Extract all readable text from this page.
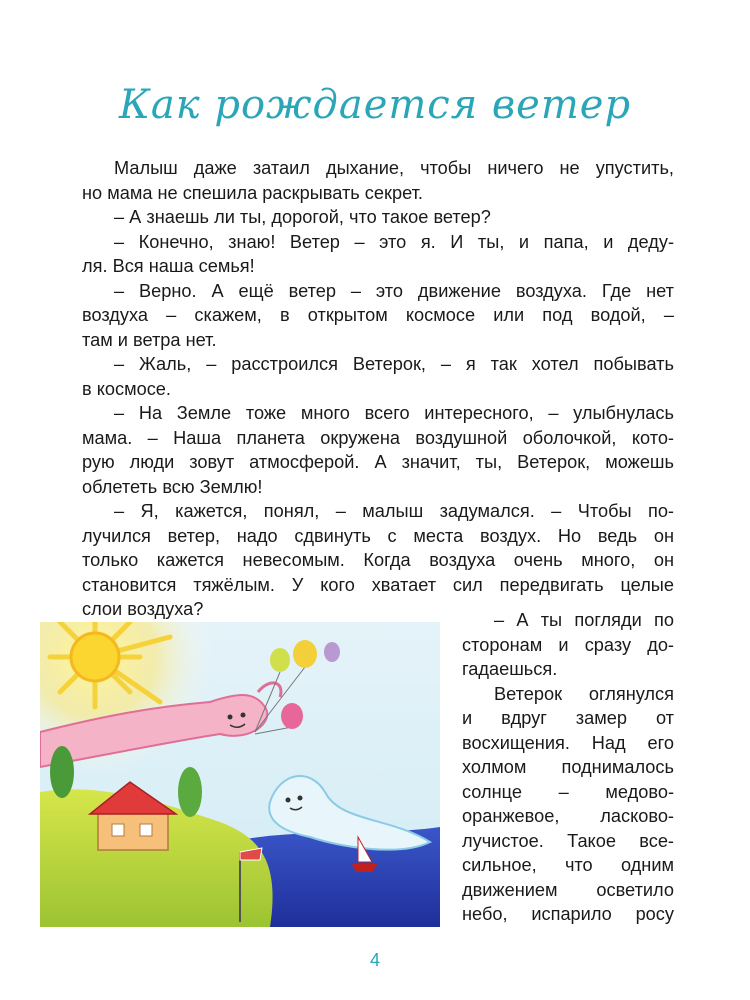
Как рождается ветер
Малыш даже затаил дыхание, чтобы ничего не упустить,
но мама не спешила раскрывать секрет.
– А знаешь ли ты, дорогой, что такое ветер?
– Конечно, знаю! Ветер – это я. И ты, и папа, и деду-
ля. Вся наша семья!
– Верно. А ещё ветер – это движение воздуха. Где нет
воздуха – скажем, в открытом космосе или под водой, –
там и ветра нет.
– Жаль, – расстроился Ветерок, – я так хотел побывать
в космосе.
– На Земле тоже много всего интересного, – улыбнулась
мама. – Наша планета окружена воздушной оболочкой, кото-
рую люди зовут атмосферой. А значит, ты, Ветерок, можешь
облететь всю Землю!
– Я, кажется, понял, – малыш задумался. – Чтобы по-
лучился ветер, надо сдвинуть с места воздух. Но ведь он
только кажется невесомым. Когда воздуха очень много, он
становится тяжёлым. У кого хватает сил передвигать целые
слои воздуха?
– А ты погляди по
сторонам и сразу до-
гадаешься.
Ветерок оглянулся
и вдруг замер от
восхищения. Над его
холмом поднималось
солнце – медово-
оранжевое, ласково-
лучистое. Такое все-
сильное, что одним
движением осветило
небо, испарило росу
4
